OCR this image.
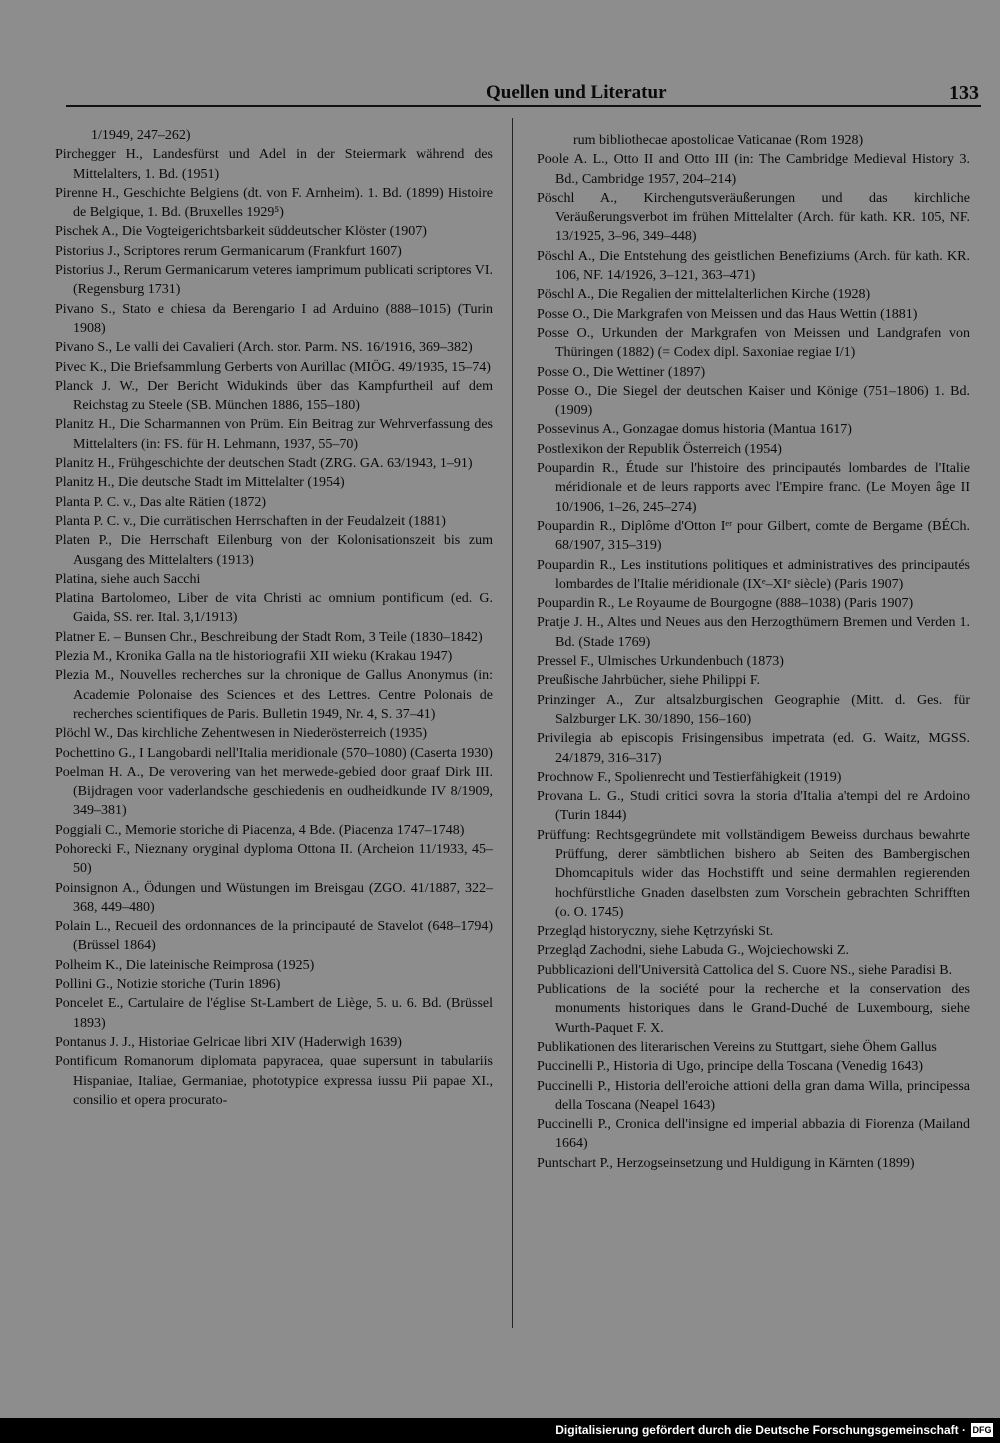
Quellen und Literatur	133

1/1949, 247–262)

Pirchegger H., Landesfürst und Adel in der Steiermark während des Mittelalters, 1. Bd. (1951)

Pirenne H., Geschichte Belgiens (dt. von F. Arnheim). 1. Bd. (1899) Histoire de Belgique, 1. Bd. (Bruxelles 1929⁵)

Pischek A., Die Vogteigerichtsbarkeit süddeutscher Klöster (1907)

Pistorius J., Scriptores rerum Germanicarum (Frankfurt 1607)

Pistorius J., Rerum Germanicarum veteres iamprimum publicati scriptores VI. (Regensburg 1731)

Pivano S., Stato e chiesa da Berengario I ad Arduino (888–1015) (Turin 1908)

Pivano S., Le valli dei Cavalieri (Arch. stor. Parm. NS. 16/1916, 369–382)

Pivec K., Die Briefsammlung Gerberts von Aurillac (MIÖG. 49/1935, 15–74)

Planck J. W., Der Bericht Widukinds über das Kampfurtheil auf dem Reichstag zu Steele (SB. München 1886, 155–180)

Planitz H., Die Scharmannen von Prüm. Ein Beitrag zur Wehrverfassung des Mittelalters (in: FS. für H. Lehmann, 1937, 55–70)

Planitz H., Frühgeschichte der deutschen Stadt (ZRG. GA. 63/1943, 1–91)

Planitz H., Die deutsche Stadt im Mittelalter (1954)

Planta P. C. v., Das alte Rätien (1872)

Planta P. C. v., Die currätischen Herrschaften in der Feudalzeit (1881)

Platen P., Die Herrschaft Eilenburg von der Kolonisationszeit bis zum Ausgang des Mittelalters (1913)

Platina, siehe auch Sacchi

Platina Bartolomeo, Liber de vita Christi ac omnium pontificum (ed. G. Gaida, SS. rer. Ital. 3,1/1913)

Platner E. – Bunsen Chr., Beschreibung der Stadt Rom, 3 Teile (1830–1842)

Plezia M., Kronika Galla na tle historiografii XII wieku (Krakau 1947)

Plezia M., Nouvelles recherches sur la chronique de Gallus Anonymus (in: Academie Polonaise des Sciences et des Lettres. Centre Polonais de recherches scientifiques de Paris. Bulletin 1949, Nr. 4, S. 37–41)

Plöchl W., Das kirchliche Zehentwesen in Niederösterreich (1935)

Pochettino G., I Langobardi nell'Italia meridionale (570–1080) (Caserta 1930)

Poelman H. A., De verovering van het merwede-gebied door graaf Dirk III. (Bijdragen voor vaderlandsche geschiedenis en oudheidkunde IV 8/1909, 349–381)

Poggiali C., Memorie storiche di Piacenza, 4 Bde. (Piacenza 1747–1748)

Pohorecki F., Nieznany oryginal dyploma Ottona II. (Archeion 11/1933, 45–50)

Poinsignon A., Ödungen und Wüstungen im Breisgau (ZGO. 41/1887, 322–368, 449–480)

Polain L., Recueil des ordonnances de la principauté de Stavelot (648–1794) (Brüssel 1864)

Polheim K., Die lateinische Reimprosa (1925)

Pollini G., Notizie storiche (Turin 1896)

Poncelet E., Cartulaire de l'église St-Lambert de Liège, 5. u. 6. Bd. (Brüssel 1893)

Pontanus J. J., Historiae Gelricae libri XIV (Haderwigh 1639)

Pontificum Romanorum diplomata papyracea, quae supersunt in tabulariis Hispaniae, Italiae, Germaniae, phototypice expressa iussu Pii papae XI., consilio et opera procurato-

rum bibliothecae apostolicae Vaticanae (Rom 1928)

Poole A. L., Otto II and Otto III (in: The Cambridge Medieval History 3. Bd., Cambridge 1957, 204–214)

Pöschl A., Kirchengutsveräußerungen und das kirchliche Veräußerungsverbot im frühen Mittelalter (Arch. für kath. KR. 105, NF. 13/1925, 3–96, 349–448)

Pöschl A., Die Entstehung des geistlichen Benefiziums (Arch. für kath. KR. 106, NF. 14/1926, 3–121, 363–471)

Pöschl A., Die Regalien der mittelalterlichen Kirche (1928)

Posse O., Die Markgrafen von Meissen und das Haus Wettin (1881)

Posse O., Urkunden der Markgrafen von Meissen und Landgrafen von Thüringen (1882) (= Codex dipl. Saxoniae regiae I/1)

Posse O., Die Wettiner (1897)

Posse O., Die Siegel der deutschen Kaiser und Könige (751–1806) 1. Bd. (1909)

Possevinus A., Gonzagae domus historia (Mantua 1617)

Postlexikon der Republik Österreich (1954)

Poupardin R., Étude sur l'histoire des principautés lombardes de l'Italie méridionale et de leurs rapports avec l'Empire franc. (Le Moyen âge II 10/1906, 1–26, 245–274)

Poupardin R., Diplôme d'Otton Iᵉʳ pour Gilbert, comte de Bergame (BÉCh. 68/1907, 315–319)

Poupardin R., Les institutions politiques et administratives des principautés lombardes de l'Italie méridionale (IXᵉ–XIᵉ siècle) (Paris 1907)

Poupardin R., Le Royaume de Bourgogne (888–1038) (Paris 1907)

Pratje J. H., Altes und Neues aus den Herzogthümern Bremen und Verden 1. Bd. (Stade 1769)

Pressel F., Ulmisches Urkundenbuch (1873)

Preußische Jahrbücher, siehe Philippi F.

Prinzinger A., Zur altsalzburgischen Geographie (Mitt. d. Ges. für Salzburger LK. 30/1890, 156–160)

Privilegia ab episcopis Frisingensibus impetrata (ed. G. Waitz, MGSS. 24/1879, 316–317)

Prochnow F., Spolienrecht und Testierfähigkeit (1919)

Provana L. G., Studi critici sovra la storia d'Italia a'tempi del re Ardoino (Turin 1844)

Prüffung: Rechtsgegründete mit vollständigem Beweiss durchaus bewahrte Prüffung, derer sämbtlichen bishero ab Seiten des Bambergischen Dhomcapituls wider das Hochstifft und seine dermahlen regierenden hochfürstliche Gnaden daselbsten zum Vorschein gebrachten Schrifften (o. O. 1745)

Przegląd historyczny, siehe Kętrzyński St.

Przegląd Zachodni, siehe Labuda G., Wojciechowski Z.

Pubblicazioni dell'Università Cattolica del S. Cuore NS., siehe Paradisi B.

Publications de la société pour la recherche et la conservation des monuments historiques dans le Grand-Duché de Luxembourg, siehe Wurth-Paquet F. X.

Publikationen des literarischen Vereins zu Stuttgart, siehe Öhem Gallus

Puccinelli P., Historia di Ugo, principe della Toscana (Venedig 1643)

Puccinelli P., Historia dell'eroiche attioni della gran dama Willa, principessa della Toscana (Neapel 1643)

Puccinelli P., Cronica dell'insigne ed imperial abbazia di Fiorenza (Mailand 1664)

Puntschart P., Herzogseinsetzung und Huldigung in Kärnten (1899)

Digitalisierung gefördert durch die Deutsche Forschungsgemeinschaft · DFG
